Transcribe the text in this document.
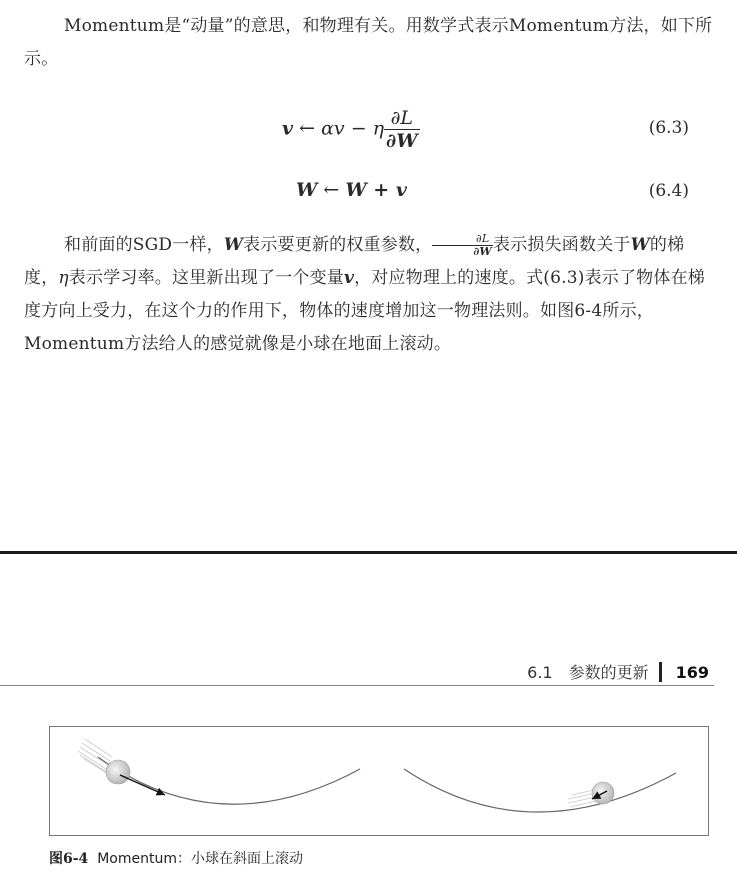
Momentum是“动量”的意思，和物理有关。用数学式表示Momentum方法，如下所示。
v ← αv − η $\frac{\partial L}{\partial W}$	(6.3)
W ← W + v	(6.4)
和前面的SGD一样，W表示要更新的权重参数， $\frac{\partial L}{\partial W}$ 表示损失函数关于W的梯度，η表示学习率。这里新出现了一个变量v，对应物理上的速度。式(6.3)表示了物体在梯度方向上受力，在这个力的作用下，物体的速度增加这一物理法则。如图6-4所示，Momentum方法给人的感觉就像是小球在地面上滚动。
6.1　参数的更新 169
图6-4 Momentum：小球在斜面上滚动
